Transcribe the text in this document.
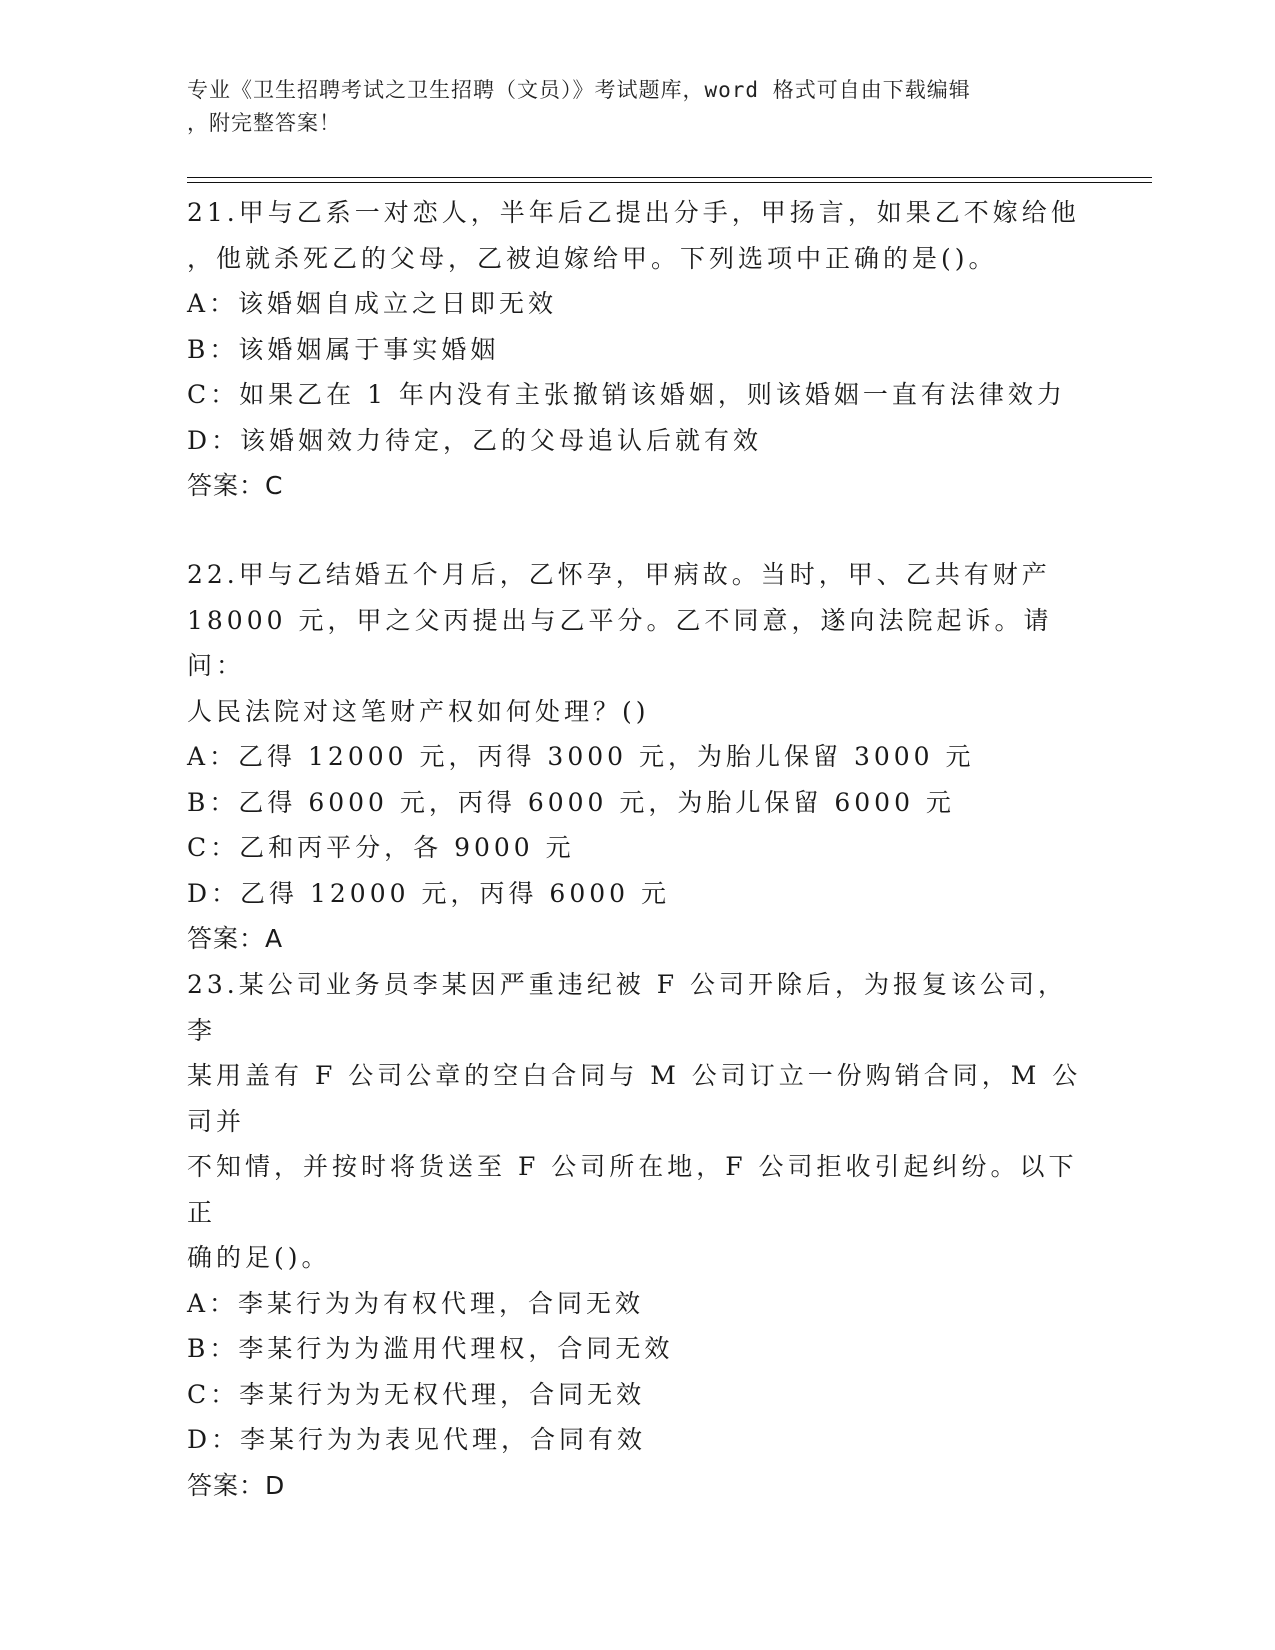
专业《卫生招聘考试之卫生招聘（文员）》考试题库，word 格式可自由下载编辑
，附完整答案！

21.甲与乙系一对恋人，半年后乙提出分手，甲扬言，如果乙不嫁给他

，他就杀死乙的父母，乙被迫嫁给甲。下列选项中正确的是()。

A：该婚姻自成立之日即无效

B：该婚姻属于事实婚姻

C：如果乙在 1 年内没有主张撤销该婚姻，则该婚姻一直有法律效力

D：该婚姻效力待定，乙的父母追认后就有效

答案：C

22.甲与乙结婚五个月后，乙怀孕，甲病故。当时，甲、乙共有财产

18000 元，甲之父丙提出与乙平分。乙不同意，遂向法院起诉。请问：

人民法院对这笔财产权如何处理？()

A：乙得 12000 元，丙得 3000 元，为胎儿保留 3000 元

B：乙得 6000 元，丙得 6000 元，为胎儿保留 6000 元

C：乙和丙平分，各 9000 元

D：乙得 12000 元，丙得 6000 元

答案：A

23.某公司业务员李某因严重违纪被 F 公司开除后，为报复该公司，李

某用盖有 F 公司公章的空白合同与 M 公司订立一份购销合同，M 公司并

不知情，并按时将货送至 F 公司所在地，F 公司拒收引起纠纷。以下正

确的足()。

A：李某行为为有权代理，合同无效

B：李某行为为滥用代理权，合同无效

C：李某行为为无权代理，合同无效

D：李某行为为表见代理，合同有效

答案：D
